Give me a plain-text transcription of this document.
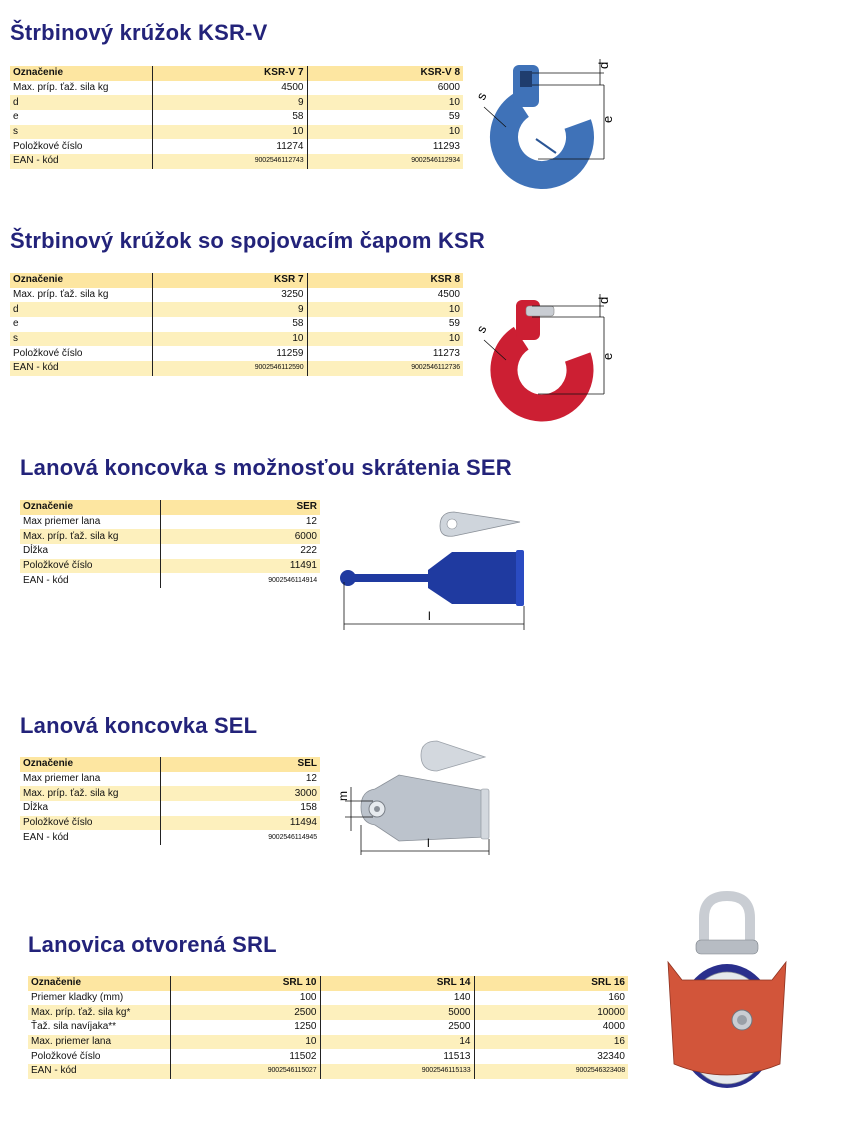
Štrbinový krúžok KSR-V
Označenie	KSR-V 7	KSR-V 8
Max. príp. ťaž. sila kg	4500	6000
d	9	10
e	58	59
s	10	10
Položkové číslo	11274	11293
EAN - kód	9002546112743	9002546112934
d
e
s
Štrbinový krúžok so spojovacím čapom KSR
Označenie	KSR 7	KSR 8
Max. príp. ťaž. sila kg	3250	4500
d	9	10
e	58	59
s	10	10
Položkové číslo	11259	11273
EAN - kód	9002546112590	9002546112736
d
e
s
Lanová koncovka s možnosťou skrátenia SER
Označenie	SER
Max priemer lana	12
Max. príp. ťaž. sila kg	6000
Dĺžka	222
Položkové číslo	11491
EAN - kód	9002546114914
l
Lanová koncovka SEL
Označenie	SEL
Max priemer lana	12
Max. príp. ťaž. sila kg	3000
Dĺžka	158
Položkové číslo	11494
EAN - kód	9002546114945
m
l
Lanovica otvorená SRL
Označenie	SRL 10	SRL 14	SRL 16
Priemer kladky (mm)	100	140	160
Max. príp. ťaž. sila kg*	2500	5000	10000
Ťaž. sila navíjaka**	1250	2500	4000
Max. priemer lana	10	14	16
Položkové číslo	11502	11513	32340
EAN - kód	9002546115027	9002546115133	9002546323408
